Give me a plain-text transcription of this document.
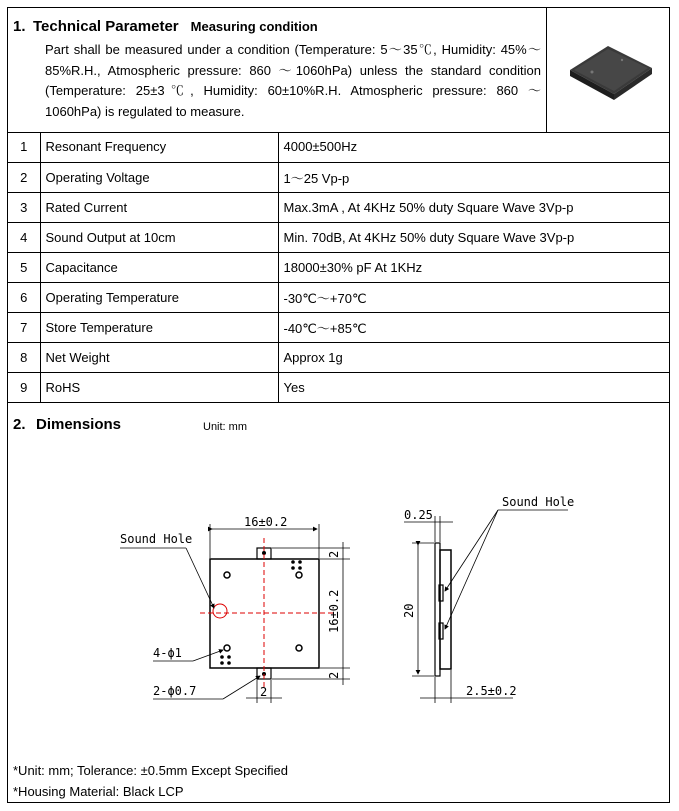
1. Technical Parameter Measuring condition
Part shall be measured under a condition (Temperature: 5～35℃, Humidity: 45%～85%R.H., Atmospheric pressure: 860 ～1060hPa) unless the standard condition (Temperature: 25±3℃, Humidity: 60±10%R.H. Atmospheric pressure: 860 ～1060hPa) is regulated to measure.
1	Resonant Frequency	4000±500Hz
2	Operating Voltage	1～25 Vp-p
3	Rated Current	Max.3mA , At 4KHz 50% duty Square Wave 3Vp-p
4	Sound Output at 10cm	Min. 70dB, At 4KHz 50% duty Square Wave 3Vp-p
5	Capacitance	18000±30% pF At 1KHz
6	Operating Temperature	-30℃～+70℃
7	Store Temperature	-40℃～+85℃
8	Net Weight	Approx 1g
9	RoHS	Yes
2. Dimensions	Unit: mm
16±0.2
2
16±0.2
2
2
Sound Hole
4-ϕ1
2-ϕ0.7
0.25
20
2.5±0.2
Sound Hole
*Unit: mm; Tolerance: ±0.5mm Except Specified
*Housing Material: Black LCP
